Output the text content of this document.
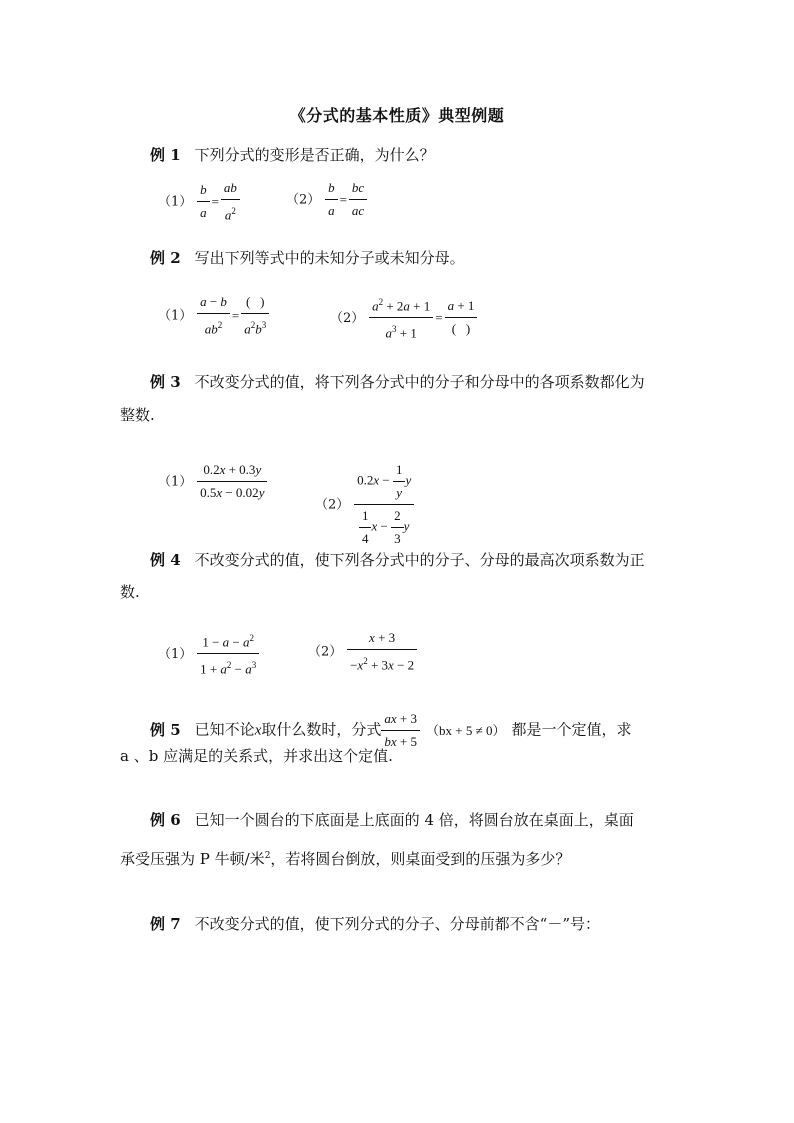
《分式的基本性质》典型例题
例 1 下列分式的变形是否正确，为什么？
$(1) \frac{b}{a} = \frac{ab}{a^2}$	$(2) \frac{b}{a} = \frac{bc}{ac}$
例 2 写出下列等式中的未知分子或未知分母。
$(1) \frac{a - b}{ab^2} = \frac{( )}{a^2b^3}$	$(2) \frac{a^2 + 2a + 1}{a^3 + 1} = \frac{a + 1}{( )}$
例 3 不改变分式的值，将下列各分式中的分子和分母中的各项系数都化为
整数.
$(1) \frac{0.2x + 0.3y}{0.5x - 0.02y}$
$(2) \frac{0.2x - \frac{1}{y} y}{\frac{1}{4} x - \frac{2}{3} y}$
例 4 不改变分式的值，使下列各分式中的分子、分母的最高次项系数为正
数.
$(1) \frac{1 - a - a^2}{1 + a^2 - a^3}$	$(2) \frac{x + 3}{-x^2 + 3x - 2}$
例 5 已知不论x取什么数时，分式 $\frac{ax + 3}{bx + 5} (bx + 5 \ne 0)$ 都是一个定值，求
a 、b 应满足的关系式，并求出这个定值.
例 6 已知一个圆台的下底面是上底面的 4 倍，将圆台放在桌面上，桌面
承受压强为 P 牛顿/米$^2$，若将圆台倒放，则桌面受到的压强为多少？
例 7 不改变分式的值，使下列分式的分子、分母前都不含“－”号：
